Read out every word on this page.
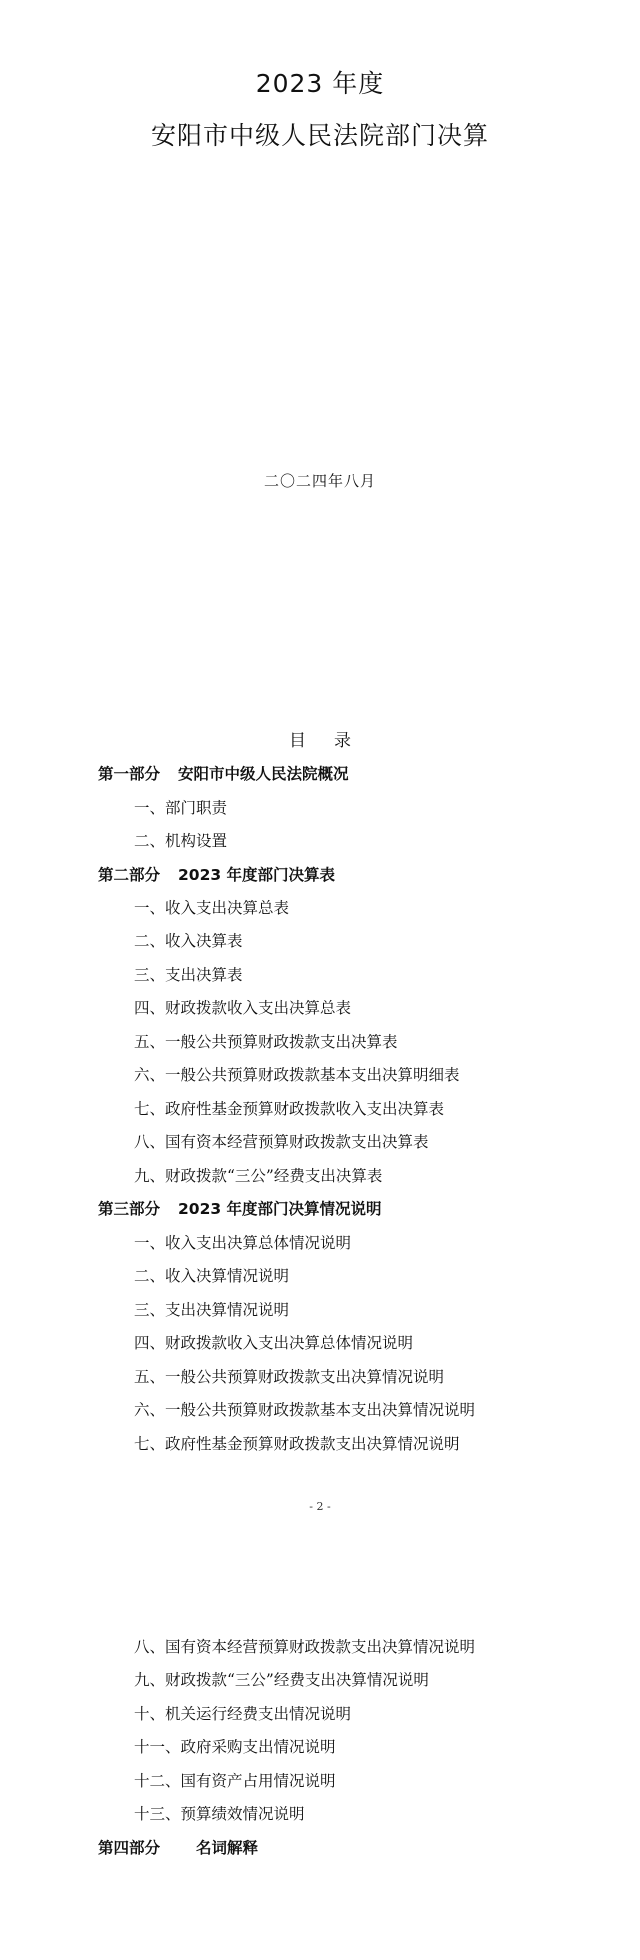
2023 年度
安阳市中级人民法院部门决算
二〇二四年八月
目 录
第一部分 安阳市中级人民法院概况
一、部门职责
二、机构设置
第二部分 2023 年度部门决算表
一、收入支出决算总表
二、收入决算表
三、支出决算表
四、财政拨款收入支出决算总表
五、一般公共预算财政拨款支出决算表
六、一般公共预算财政拨款基本支出决算明细表
七、政府性基金预算财政拨款收入支出决算表
八、国有资本经营预算财政拨款支出决算表
九、财政拨款“三公”经费支出决算表
第三部分 2023 年度部门决算情况说明
一、收入支出决算总体情况说明
二、收入决算情况说明
三、支出决算情况说明
四、财政拨款收入支出决算总体情况说明
五、一般公共预算财政拨款支出决算情况说明
六、一般公共预算财政拨款基本支出决算情况说明
七、政府性基金预算财政拨款支出决算情况说明
- 2 -
八、国有资本经营预算财政拨款支出决算情况说明
九、财政拨款“三公”经费支出决算情况说明
十、机关运行经费支出情况说明
十一、政府采购支出情况说明
十二、国有资产占用情况说明
十三、预算绩效情况说明
第四部分 名词解释
